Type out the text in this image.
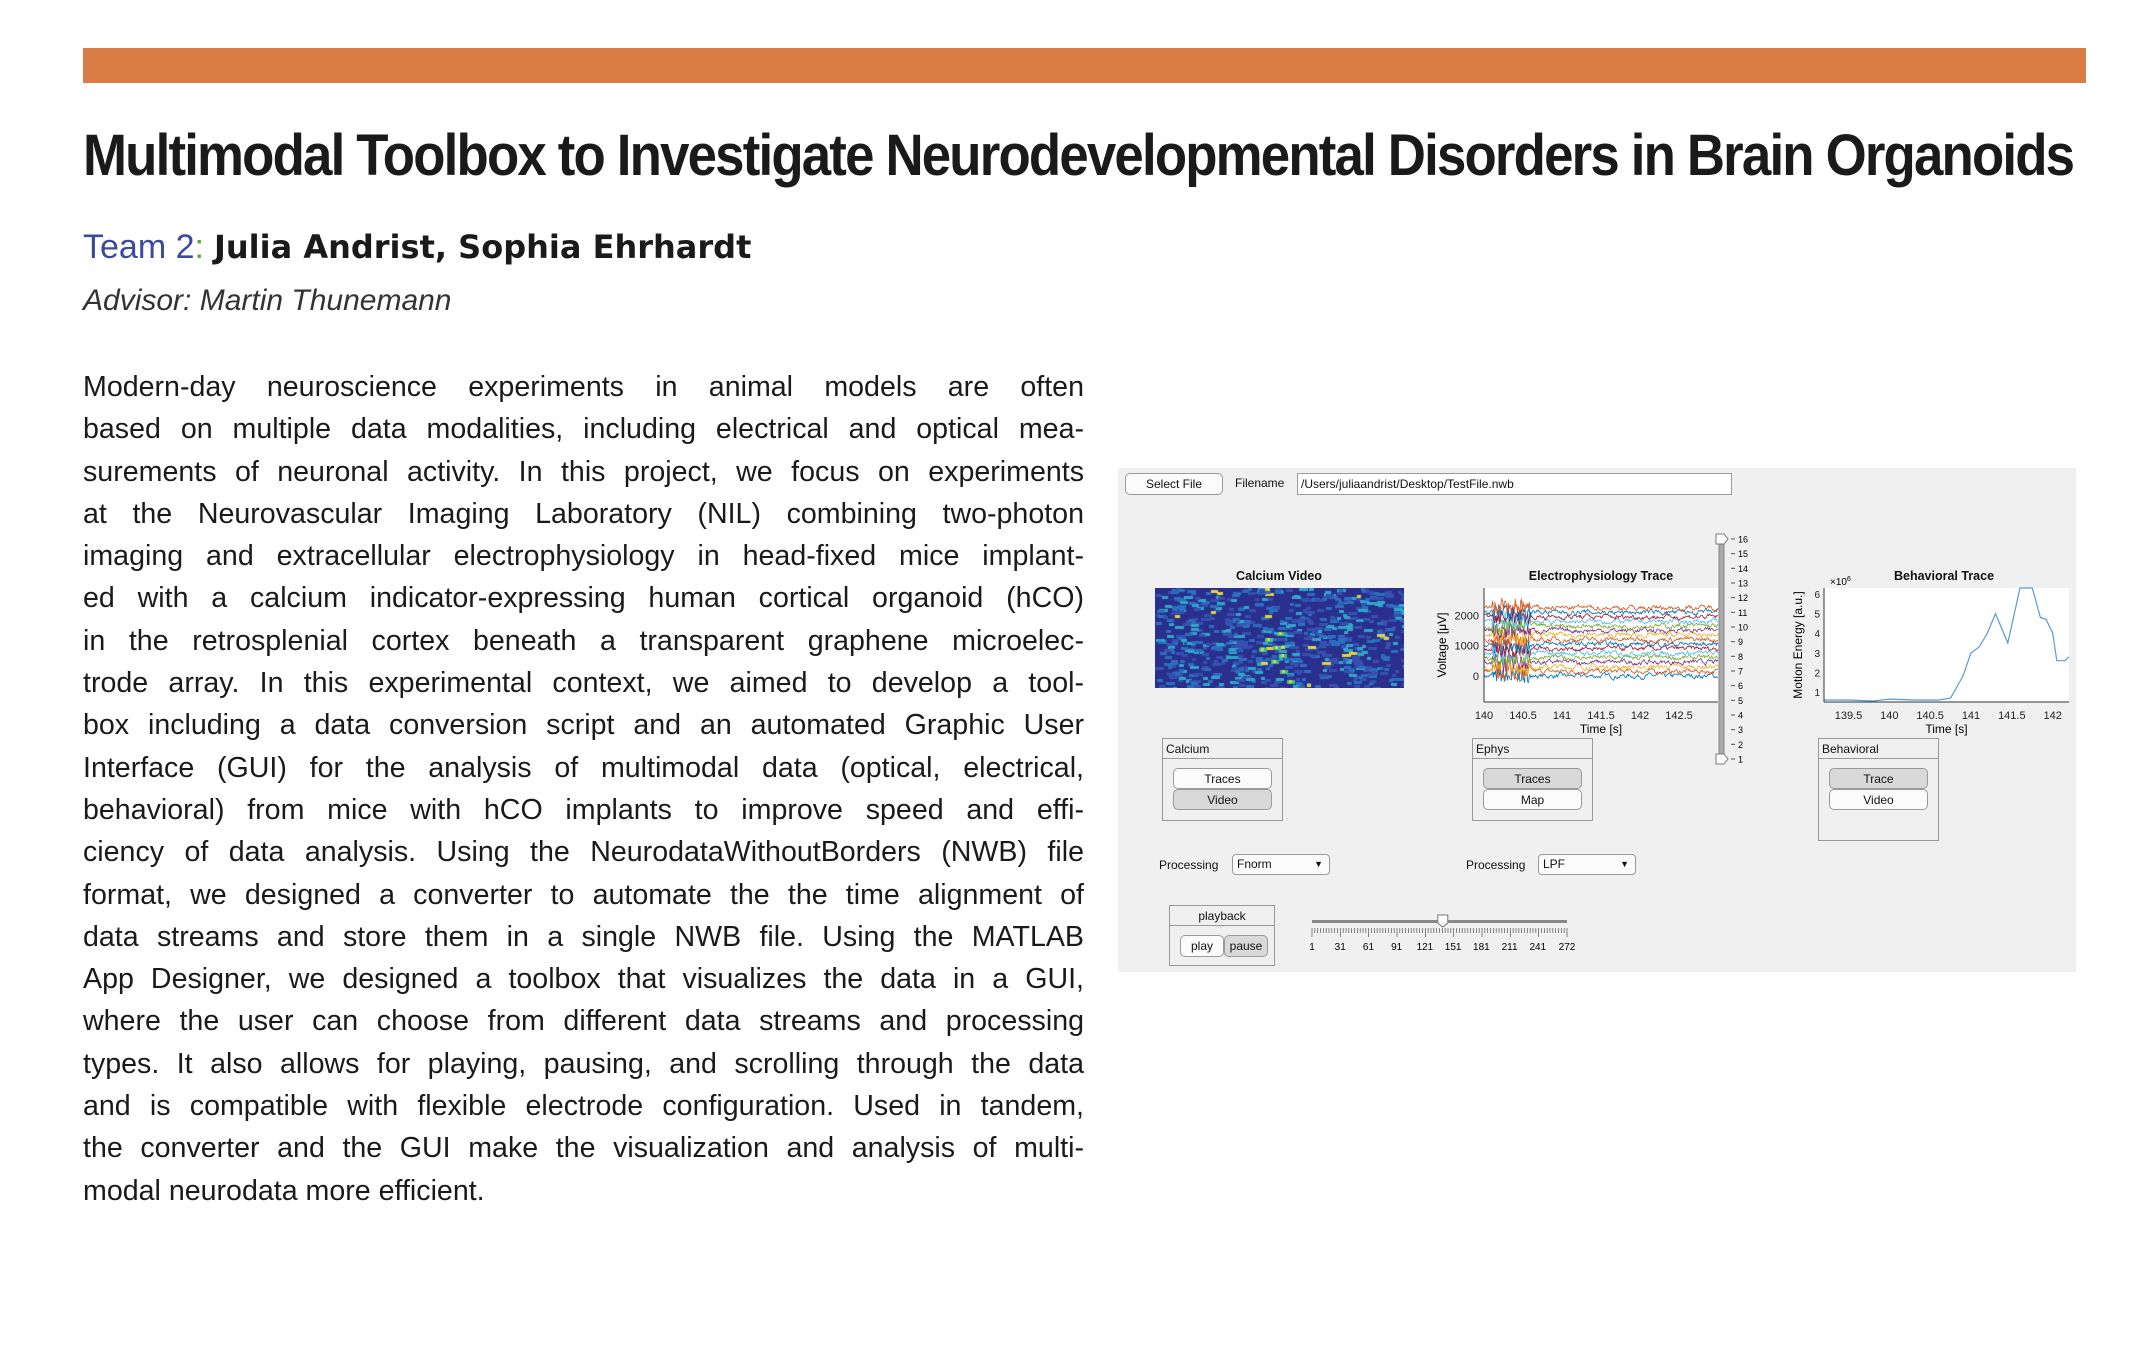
Multimodal Toolbox to Investigate Neurodevelopmental Disorders in Brain Organoids
Team 2: Julia Andrist, Sophia Ehrhardt
Advisor: Martin Thunemann
Modern-day neuroscience experiments in animal models are often
based on multiple data modalities, including electrical and optical mea-
surements of neuronal activity. In this project, we focus on experiments
at the Neurovascular Imaging Laboratory (NIL) combining two-photon
imaging and extracellular electrophysiology in head-fixed mice implant-
ed with a calcium indicator-expressing human cortical organoid (hCO)
in the retrosplenial cortex beneath a transparent graphene microelec-
trode array. In this experimental context, we aimed to develop a tool-
box including a data conversion script and an automated Graphic User
Interface (GUI) for the analysis of multimodal data (optical, electrical,
behavioral) from mice with hCO implants to improve speed and effi-
ciency of data analysis. Using the NeurodataWithoutBorders (NWB) file
format, we designed a converter to automate the the time alignment of
data streams and store them in a single NWB file. Using the MATLAB
App Designer, we designed a toolbox that visualizes the data in a GUI,
where the user can choose from different data streams and processing
types. It also allows for playing, pausing, and scrolling through the data
and is compatible with flexible electrode configuration. Used in tandem,
the converter and the GUI make the visualization and analysis of multi-
modal neurodata more efficient.
Select File	Filename	/Users/juliaandrist/Desktop/TestFile.nwb
Calcium Video	Electrophysiology Trace	Behavioral Trace
140 140.5 141 141.5 142 142.5
0
1000
2000
Time [s]
Voltage [μV]
16
15
14
13
12
11
10
9
8
7
6
5
4
3
2
1
139.5 140 140.5 141 141.5 142
1
2
3
4
5
6
Time [s]
Motion Energy [a.u.]
$\times 10^6$
Calcium
Traces
Video
Ephys
Traces
Map
Behavioral
Trace
Video
Processing	Fnorm	▼	Processing	LPF	▼
playback
play	pause	1 31 61 91 121 151 181 211 241 272
